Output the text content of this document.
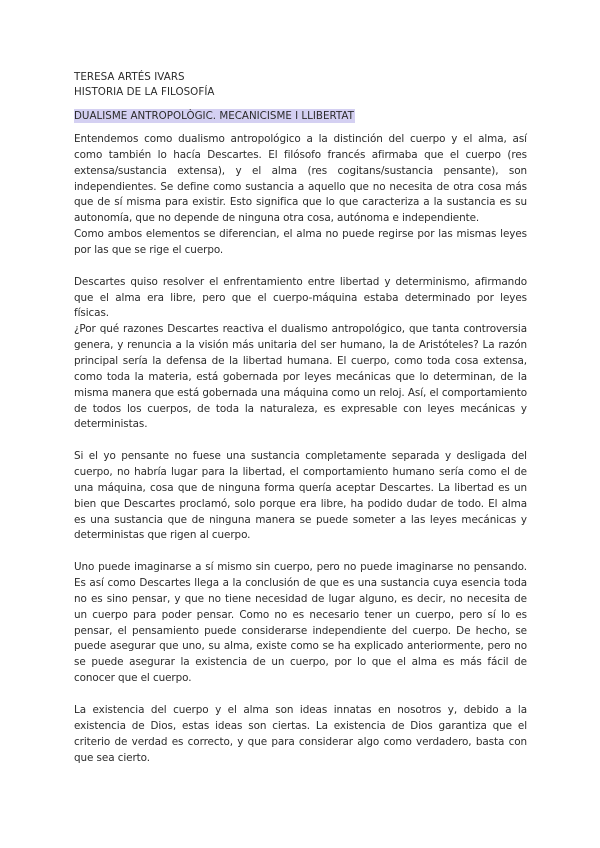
TERESA ARTÉS IVARS
HISTORIA DE LA FILOSOFÍA
DUALISME ANTROPOLÒGIC. MECANICISME I LLIBERTAT

Entendemos como dualismo antropológico a la distinción del cuerpo y el alma, así como también lo hacía Descartes. El filósofo francés afirmaba que el cuerpo (res extensa/sustancia extensa), y el alma (res cogitans/sustancia pensante), son independientes. Se define como sustancia a aquello que no necesita de otra cosa más que de sí misma para existir. Esto significa que lo que caracteriza a la sustancia es su autonomía, que no depende de ninguna otra cosa, autónoma e independiente.

Como ambos elementos se diferencian, el alma no puede regirse por las mismas leyes por las que se rige el cuerpo.

Descartes quiso resolver el enfrentamiento entre libertad y determinismo, afirmando que el alma era libre, pero que el cuerpo-máquina estaba determinado por leyes físicas.

¿Por qué razones Descartes reactiva el dualismo antropológico, que tanta controversia genera, y renuncia a la visión más unitaria del ser humano, la de Aristóteles? La razón principal sería la defensa de la libertad humana. El cuerpo, como toda cosa extensa, como toda la materia, está gobernada por leyes mecánicas que lo determinan, de la misma manera que está gobernada una máquina como un reloj. Así, el comportamiento de todos los cuerpos, de toda la naturaleza, es expresable con leyes mecánicas y deterministas.

Si el yo pensante no fuese una sustancia completamente separada y desligada del cuerpo, no habría lugar para la libertad, el comportamiento humano sería como el de una máquina, cosa que de ninguna forma quería aceptar Descartes. La libertad es un bien que Descartes proclamó, solo porque era libre, ha podido dudar de todo. El alma es una sustancia que de ninguna manera se puede someter a las leyes mecánicas y deterministas que rigen al cuerpo.

Uno puede imaginarse a sí mismo sin cuerpo, pero no puede imaginarse no pensando. Es así como Descartes llega a la conclusión de que es una sustancia cuya esencia toda no es sino pensar, y que no tiene necesidad de lugar alguno, es decir, no necesita de un cuerpo para poder pensar. Como no es necesario tener un cuerpo, pero sí lo es pensar, el pensamiento puede considerarse independiente del cuerpo. De hecho, se puede asegurar que uno, su alma, existe como se ha explicado anteriormente, pero no se puede asegurar la existencia de un cuerpo, por lo que el alma es más fácil de conocer que el cuerpo.

La existencia del cuerpo y el alma son ideas innatas en nosotros y, debido a la existencia de Dios, estas ideas son ciertas. La existencia de Dios garantiza que el criterio de verdad es correcto, y que para considerar algo como verdadero, basta con que sea cierto.
